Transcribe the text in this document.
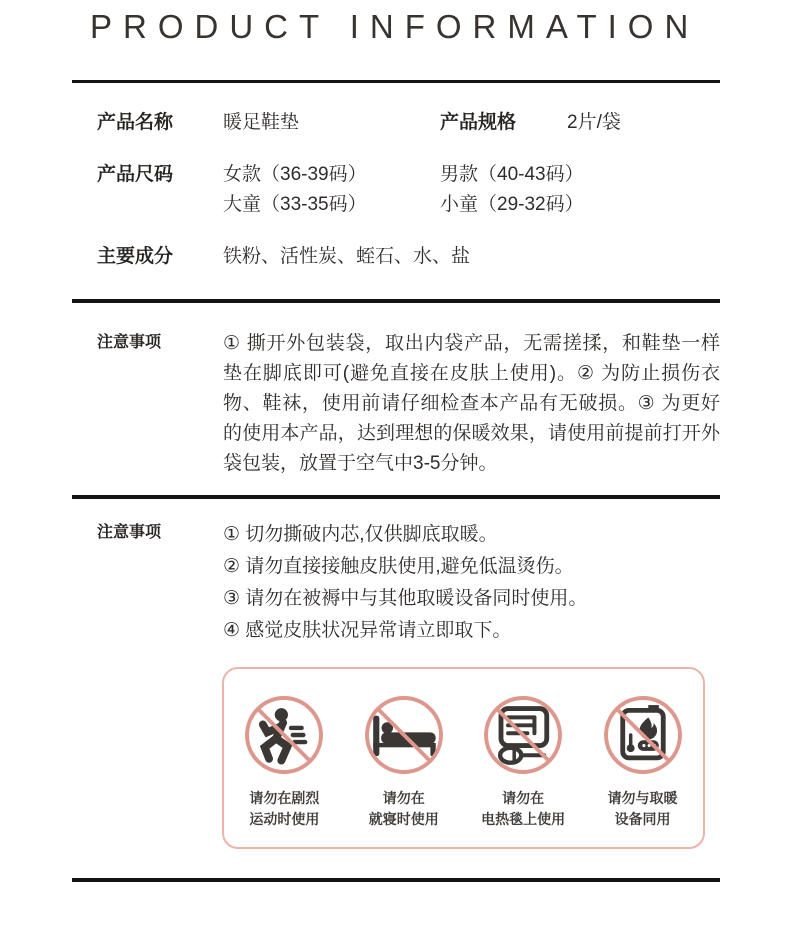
PRODUCT INFORMATION
产品名称	暖足鞋垫	产品规格	2片/袋
产品尺码	女款（36-39码）	男款（40-43码）
大童（33-35码）	小童（29-32码）
主要成分	铁粉、活性炭、蛭石、水、盐
注意事项	① 撕开外包装袋，取出内袋产品，无需搓揉，和鞋垫一样垫在脚底即可(避免直接在皮肤上使用)。② 为防止损伤衣物、鞋袜，使用前请仔细检查本产品有无破损。③ 为更好的使用本产品，达到理想的保暖效果，请使用前提前打开外袋包装，放置于空气中3-5分钟。

注意事项	① 切勿撕破内芯,仅供脚底取暖。
② 请勿直接接触皮肤使用,避免低温烫伤。
③ 请勿在被褥中与其他取暖设备同时使用。
④ 感觉皮肤状况异常请立即取下。
请勿在剧烈
运动时使用
请勿在
就寝时使用
请勿在
电热毯上使用
请勿与取暖
设备同用
